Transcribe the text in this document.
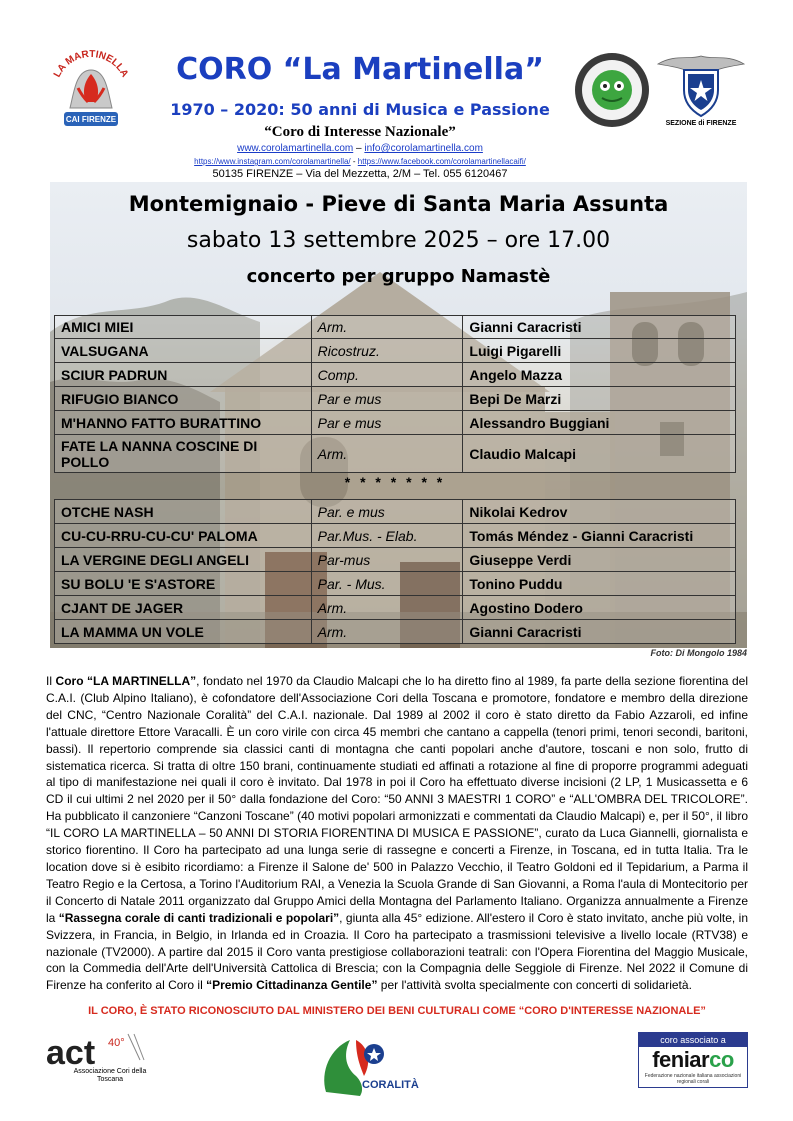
LA MARTINELLA
CAI FIRENZE
CORO “La Martinella”
1970 – 2020: 50 anni di Musica e Passione
“Coro di Interesse Nazionale”
www.corolamartinella.com – info@corolamartinella.com
https://www.instagram.com/corolamartinella/ - https://www.facebook.com/corolamartinellacaifi/
50135 FIRENZE – Via del Mezzetta, 2/M – Tel. 055 6120467
SEZIONE di FIRENZE
Montemignaio - Pieve di Santa Maria Assunta
sabato 13 settembre 2025 – ore 17.00
concerto per gruppo Namastè
AMICI MIEI	Arm.	Gianni Caracristi
VALSUGANA	Ricostruz.	Luigi Pigarelli
SCIUR PADRUN	Comp.	Angelo Mazza
RIFUGIO BIANCO	Par e mus	Bepi De Marzi
M'HANNO FATTO BURATTINO	Par e mus	Alessandro Buggiani
FATE LA NANNA COSCINE DI POLLO	Arm.	Claudio Malcapi
* * * * * * *
OTCHE NASH	Par. e mus	Nikolai Kedrov
CU-CU-RRU-CU-CU' PALOMA	Par.Mus. - Elab.	Tomás Méndez - Gianni Caracristi
LA VERGINE DEGLI ANGELI	Par-mus	Giuseppe Verdi
SU BOLU 'E S'ASTORE	Par. - Mus.	Tonino Puddu
CJANT DE JAGER	Arm.	Agostino Dodero
LA MAMMA UN VOLE	Arm.	Gianni Caracristi
Foto: Di Mongolo 1984
Il Coro “LA MARTINELLA”, fondato nel 1970 da Claudio Malcapi che lo ha diretto fino al 1989, fa parte della sezione fiorentina del C.A.I. (Club Alpino Italiano), è cofondatore dell'Associazione Cori della Toscana e promotore, fondatore e membro della direzione del CNC, “Centro Nazionale Coralità” del C.A.I. nazionale. Dal 1989 al 2002 il coro è stato diretto da Fabio Azzaroli, ed infine l'attuale direttore Ettore Varacalli. È un coro virile con circa 45 membri che cantano a cappella (tenori primi, tenori secondi, baritoni, bassi). Il repertorio comprende sia classici canti di montagna che canti popolari anche d'autore, toscani e non solo, frutto di sistematica ricerca. Si tratta di oltre 150 brani, continuamente studiati ed affinati a rotazione al fine di proporre programmi adeguati al tipo di manifestazione nei quali il coro è invitato. Dal 1978 in poi il Coro ha effettuato diverse incisioni (2 LP, 1 Musicassetta e 6 CD il cui ultimi 2 nel 2020 per il 50° dalla fondazione del Coro: “50 ANNI 3 MAESTRI 1 CORO” e “ALL'OMBRA DEL TRICOLORE”. Ha pubblicato il canzoniere “Canzoni Toscane” (40 motivi popolari armonizzati e commentati da Claudio Malcapi) e, per il 50°, il libro “IL CORO LA MARTINELLA – 50 ANNI DI STORIA FIORENTINA DI MUSICA E PASSIONE”, curato da Luca Giannelli, giornalista e storico fiorentino. Il Coro ha partecipato ad una lunga serie di rassegne e concerti a Firenze, in Toscana, ed in tutta Italia. Tra le location dove si è esibito ricordiamo: a Firenze il Salone de' 500 in Palazzo Vecchio, il Teatro Goldoni ed il Tepidarium, a Parma il Teatro Regio e la Certosa, a Torino l'Auditorium RAI, a Venezia la Scuola Grande di San Giovanni, a Roma l'aula di Montecitorio per il Concerto di Natale 2011 organizzato dal Gruppo Amici della Montagna del Parlamento Italiano. Organizza annualmente a Firenze la “Rassegna corale di canti tradizionali e popolari”, giunta alla 45° edizione. All'estero il Coro è stato invitato, anche più volte, in Svizzera, in Francia, in Belgio, in Irlanda ed in Croazia. Il Coro ha partecipato a trasmissioni televisive a livello locale (RTV38) e nazionale (TV2000). A partire dal 2015 il Coro vanta prestigiose collaborazioni teatrali: con l'Opera Fiorentina del Maggio Musicale, con la Commedia dell'Arte dell'Università Cattolica di Brescia; con la Compagnia delle Seggiole di Firenze. Nel 2022 il Comune di Firenze ha conferito al Coro il “Premio Cittadinanza Gentile” per l'attività svolta specialmente con concerti di solidarietà.
IL CORO, È STATO RICONOSCIUTO DAL MINISTERO DEI BENI CULTURALI COME “CORO D'INTERESSE NAZIONALE”
act 40°
Associazione Cori della Toscana	CORALITÀ
coro associato a
feniarco
Federazione nazionale italiana associazioni regionali corali
